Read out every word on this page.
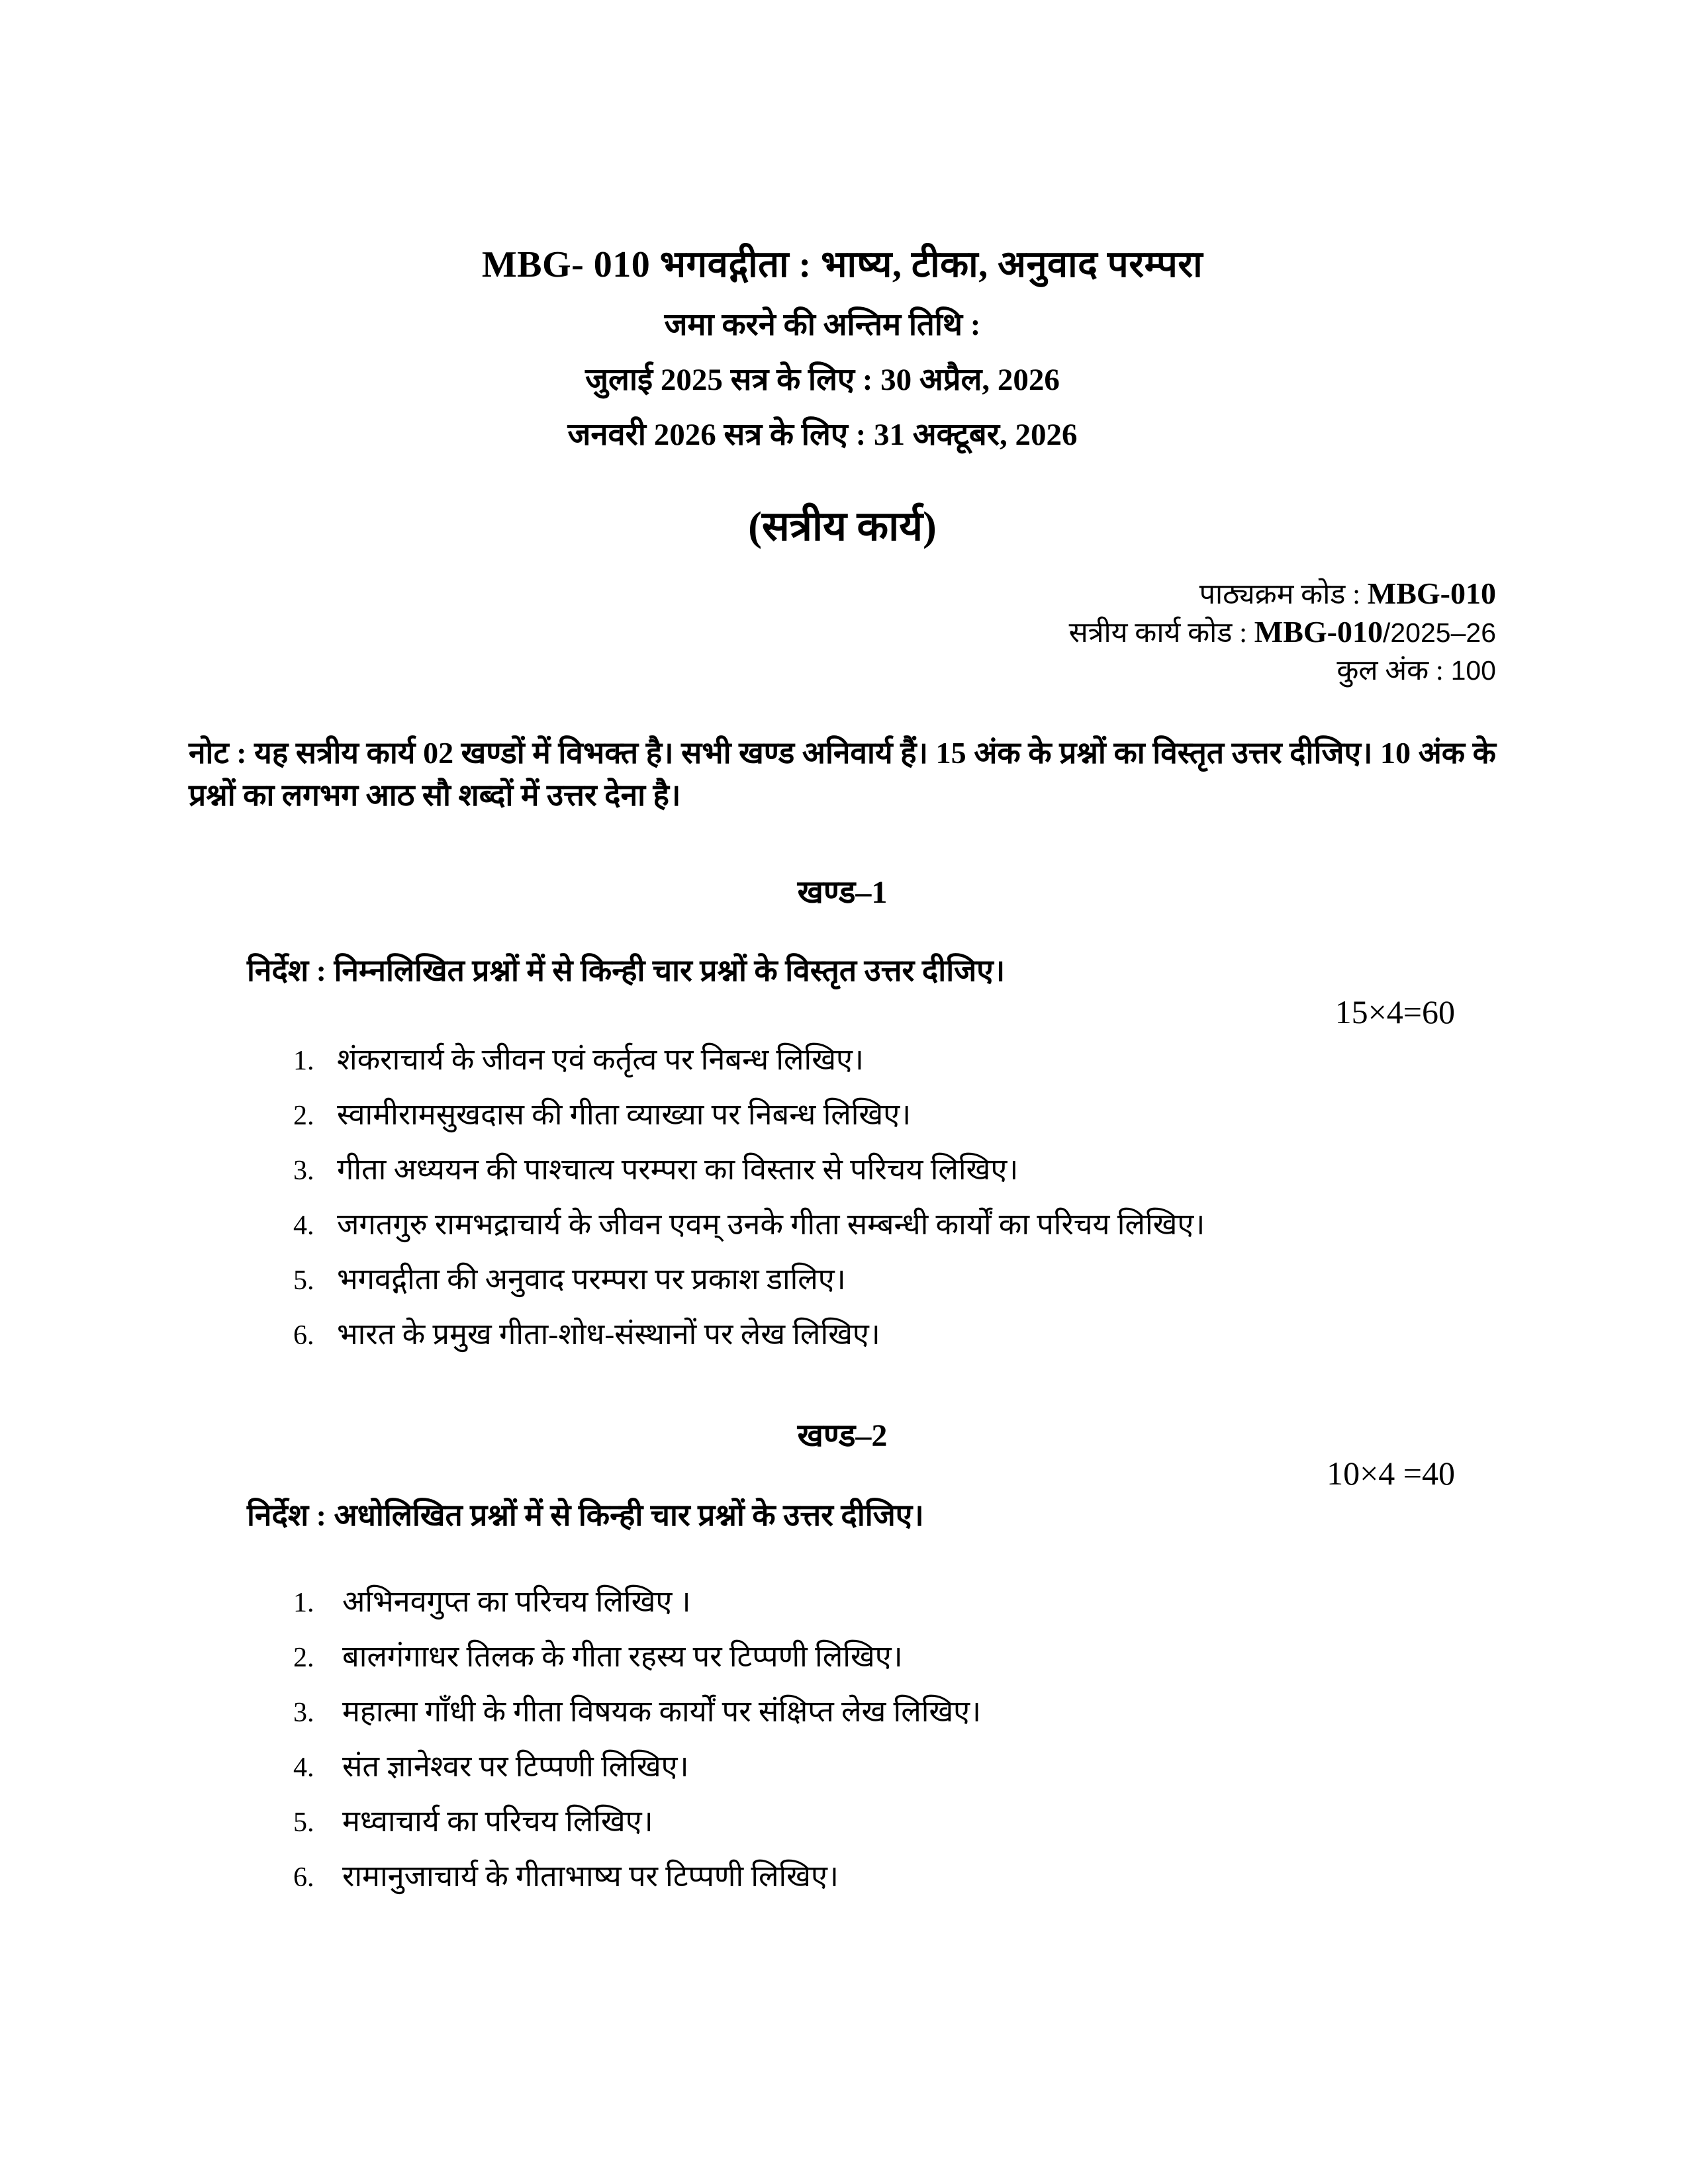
MBG- 010 भगवद्गीता : भाष्य, टीका, अनुवाद परम्परा
जमा करने की अन्तिम तिथि :
जुलाई 2025 सत्र के लिए : 30 अप्रैल, 2026
जनवरी 2026 सत्र के लिए : 31 अक्टूबर, 2026
(सत्रीय कार्य)
पाठ्यक्रम कोड : MBG-010
सत्रीय कार्य कोड : MBG-010/2025–26
कुल अंक : 100

नोट : यह सत्रीय कार्य 02 खण्डों में विभक्त है। सभी खण्ड अनिवार्य हैं। 15 अंक के प्रश्नों का विस्तृत उत्तर दीजिए। 10 अंक के प्रश्नों का लगभग आठ सौ शब्दों में उत्तर देना है।

खण्ड–1
निर्देश : निम्नलिखित प्रश्नों में से किन्ही चार प्रश्नों के विस्तृत उत्तर दीजिए।
15×4=60
1. शंकराचार्य के जीवन एवं कर्तृत्व पर निबन्ध लिखिए।
2. स्वामीरामसुखदास की गीता व्याख्या पर निबन्ध लिखिए।
3. गीता अध्ययन की पाश्चात्य परम्परा का विस्तार से परिचय लिखिए।
4. जगतगुरु रामभद्राचार्य के जीवन एवम् उनके गीता सम्बन्धी कार्यों का परिचय लिखिए।
5. भगवद्गीता की अनुवाद परम्परा पर प्रकाश डालिए।
6. भारत के प्रमुख गीता-शोध-संस्थानों पर लेख लिखिए।
खण्ड–2
10×4 =40
निर्देश : अधोलिखित प्रश्नों में से किन्ही चार प्रश्नों के उत्तर दीजिए।
1. अभिनवगुप्त का परिचय लिखिए ।
2. बालगंगाधर तिलक के गीता रहस्य पर टिप्पणी लिखिए।
3. महात्मा गाँधी के गीता विषयक कार्यों पर संक्षिप्त लेख लिखिए।
4. संत ज्ञानेश्वर पर टिप्पणी लिखिए।
5. मध्वाचार्य का परिचय लिखिए।
6. रामानुजाचार्य के गीताभाष्य पर टिप्पणी लिखिए।
